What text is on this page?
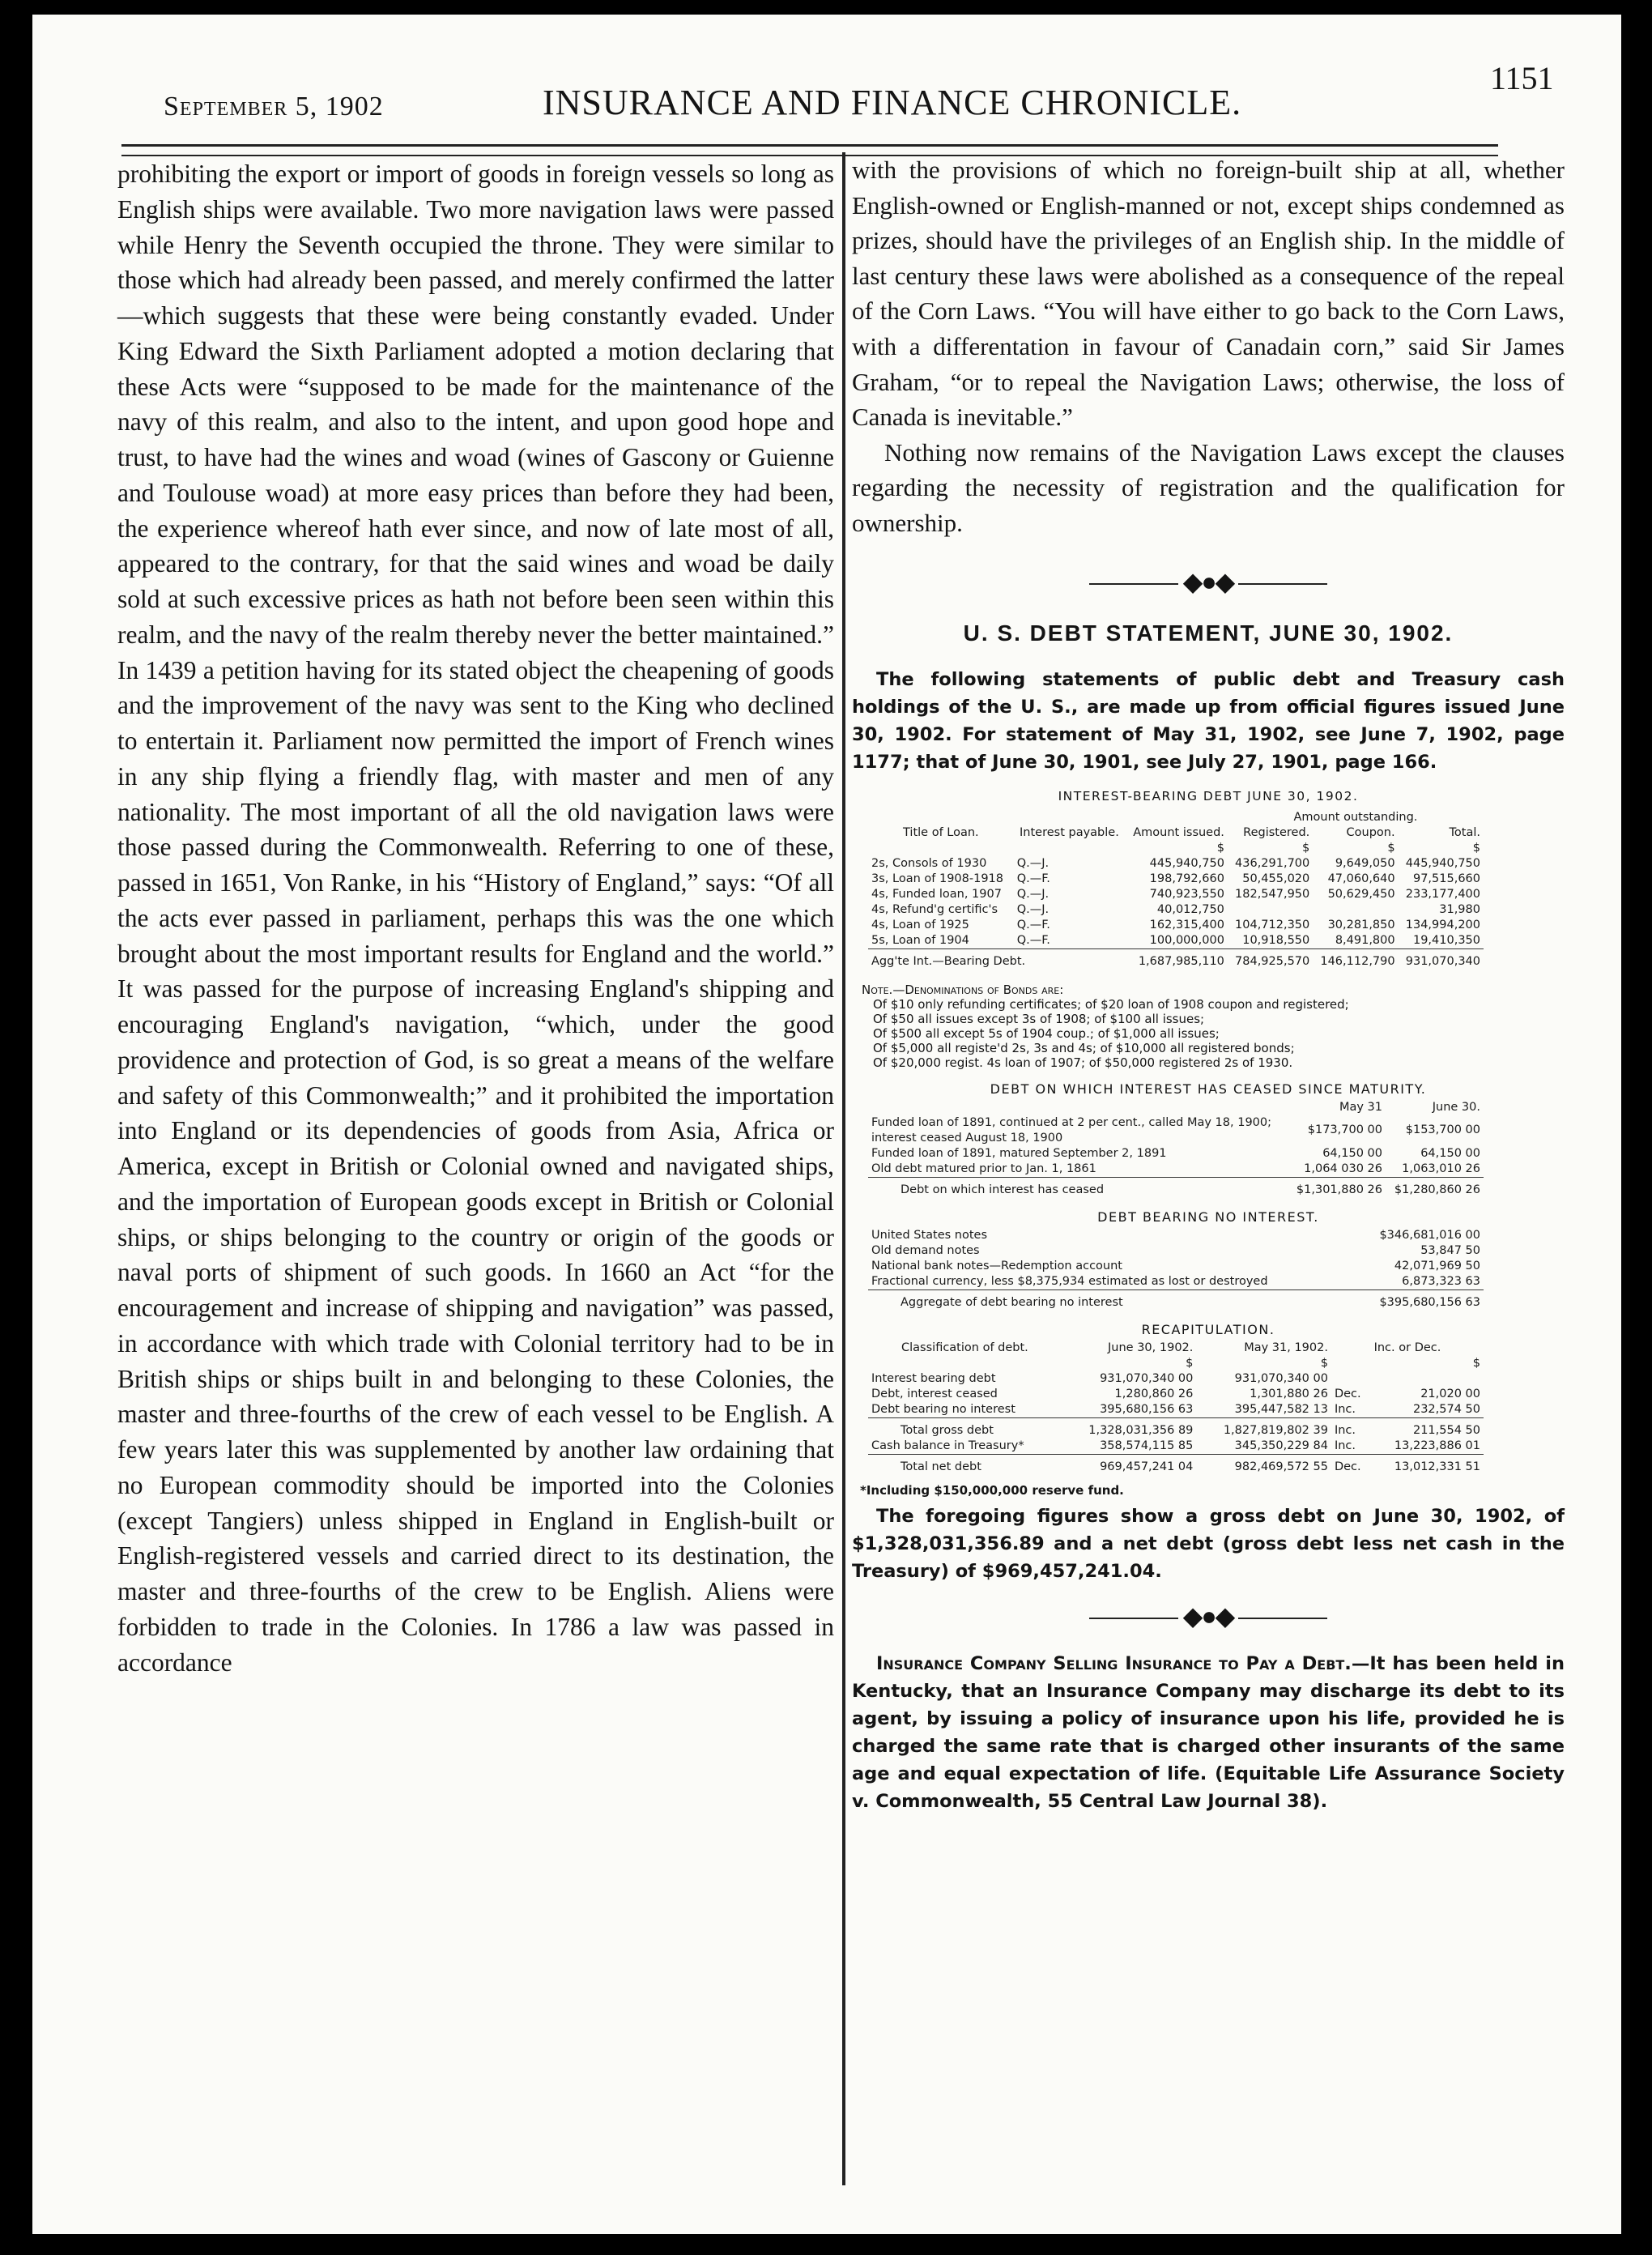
September 5, 1902	INSURANCE AND FINANCE CHRONICLE.
1151

prohibiting the export or import of goods in foreign vessels so long as English ships were available. Two more navigation laws were passed while Henry the Seventh occupied the throne. They were similar to those which had already been passed, and merely confirmed the latter—which suggests that these were being constantly evaded. Under King Edward the Sixth Parliament adopted a motion declaring that these Acts were “supposed to be made for the maintenance of the navy of this realm, and also to the intent, and upon good hope and trust, to have had the wines and woad (wines of Gascony or Guienne and Toulouse woad) at more easy prices than before they had been, the experience whereof hath ever since, and now of late most of all, appeared to the contrary, for that the said wines and woad be daily sold at such excessive prices as hath not before been seen within this realm, and the navy of the realm thereby never the better maintained.” In 1439 a petition having for its stated object the cheapening of goods and the improvement of the navy was sent to the King who declined to entertain it. Parliament now permitted the import of French wines in any ship flying a friendly flag, with master and men of any nationality. The most important of all the old navigation laws were those passed during the Commonwealth. Referring to one of these, passed in 1651, Von Ranke, in his “History of England,” says: “Of all the acts ever passed in parliament, perhaps this was the one which brought about the most important results for England and the world.” It was passed for the purpose of increasing England's shipping and encouraging England's navigation, “which, under the good providence and protection of God, is so great a means of the welfare and safety of this Commonwealth;” and it prohibited the importation into England or its dependencies of goods from Asia, Africa or America, except in British or Colonial owned and navigated ships, and the importation of European goods except in British or Colonial ships, or ships belonging to the country or origin of the goods or naval ports of shipment of such goods. In 1660 an Act “for the encouragement and increase of shipping and navigation” was passed, in accordance with which trade with Colonial territory had to be in British ships or ships built in and belonging to these Colonies, the master and three-fourths of the crew of each vessel to be English. A few years later this was supplemented by another law ordaining that no European commodity should be imported into the Colonies (except Tangiers) unless shipped in England in English-built or English-registered vessels and carried direct to its destination, the master and three-fourths of the crew to be English. Aliens were forbidden to trade in the Colonies. In 1786 a law was passed in accordance

with the provisions of which no foreign-built ship at all, whether English-owned or English-manned or not, except ships condemned as prizes, should have the privileges of an English ship. In the middle of last century these laws were abolished as a consequence of the repeal of the Corn Laws. “You will have either to go back to the Corn Laws, with a differentation in favour of Canadain corn,” said Sir James Graham, “or to repeal the Navigation Laws; otherwise, the loss of Canada is inevitable.”

Nothing now remains of the Navigation Laws except the clauses regarding the necessity of registration and the qualification for ownership.

◆●◆
U. S. DEBT STATEMENT, JUNE 30, 1902.

The following statements of public debt and Treasury cash holdings of the U. S., are made up from official figures issued June 30, 1902. For statement of May 31, 1902, see June 7, 1902, page 1177; that of June 30, 1901, see July 27, 1901, page 166.

INTEREST-BEARING DEBT JUNE 30, 1902.
			Amount outstanding.		
Title of Loan.	Interest payable.	Amount issued.	Registered.	Coupon.	Total.
		$	$	$	$
2s, Consols of 1930	Q.—J.	445,940,750	436,291,700	9,649,050	445,940,750
3s, Loan of 1908-1918	Q.—F.	198,792,660	50,455,020	47,060,640	97,515,660
4s, Funded loan, 1907	Q.—J.	740,923,550	182,547,950	50,629,450	233,177,400
4s, Refund'g certific's	Q.—J.	40,012,750			31,980
4s, Loan of 1925	Q.—F.	162,315,400	104,712,350	30,281,850	134,994,200
5s, Loan of 1904	Q.—F.	100,000,000	10,918,550	8,491,800	19,410,350
Agg'te Int.—Bearing Debt.		1,687,985,110	784,925,570	146,112,790	931,070,340
Note.—Denominations of Bonds are:
Of $10 only refunding certificates; of $20 loan of 1908 coupon and registered;
Of $50 all issues except 3s of 1908; of $100 all issues;
Of $500 all except 5s of 1904 coup.; of $1,000 all issues;
Of $5,000 all registe'd 2s, 3s and 4s; of $10,000 all registered bonds;
Of $20,000 regist. 4s loan of 1907; of $50,000 registered 2s of 1930.
DEBT ON WHICH INTEREST HAS CEASED SINCE MATURITY.
	May 31	June 30.
Funded loan of 1891, continued at 2 per cent., called May 18, 1900; interest ceased August 18, 1900	$173,700 00	$153,700 00
Funded loan of 1891, matured September 2, 1891	64,150 00	64,150 00
Old debt matured prior to Jan. 1, 1861	1,064 030 26	1,063,010 26
Debt on which interest has ceased	$1,301,880 26	$1,280,860 26
DEBT BEARING NO INTEREST.
United States notes	$346,681,016 00
Old demand notes	53,847 50
National bank notes—Redemption account	42,071,969 50
Fractional currency, less $8,375,934 estimated as lost or destroyed	6,873,323 63
Aggregate of debt bearing no interest	$395,680,156 63
RECAPITULATION.
Classification of debt.	June 30, 1902.	May 31, 1902.	Inc. or Dec.	
	$	$		$
Interest bearing debt	931,070,340 00	931,070,340 00		
Debt, interest ceased	1,280,860 26	1,301,880 26	Dec.	21,020 00
Debt bearing no interest	395,680,156 63	395,447,582 13	Inc.	232,574 50
Total gross debt	1,328,031,356 89	1,827,819,802 39	Inc.	211,554 50
Cash balance in Treasury*	358,574,115 85	345,350,229 84	Inc.	13,223,886 01
Total net debt	969,457,241 04	982,469,572 55	Dec.	13,012,331 51
*Including $150,000,000 reserve fund.

The foregoing figures show a gross debt on June 30, 1902, of $1,328,031,356.89 and a net debt (gross debt less net cash in the Treasury) of $969,457,241.04.

◆●◆

Insurance Company Selling Insurance to Pay a Debt.—It has been held in Kentucky, that an Insurance Company may discharge its debt to its agent, by issuing a policy of insurance upon his life, provided he is charged the same rate that is charged other insurants of the same age and equal expectation of life. (Equitable Life Assurance Society v. Commonwealth, 55 Central Law Journal 38).
